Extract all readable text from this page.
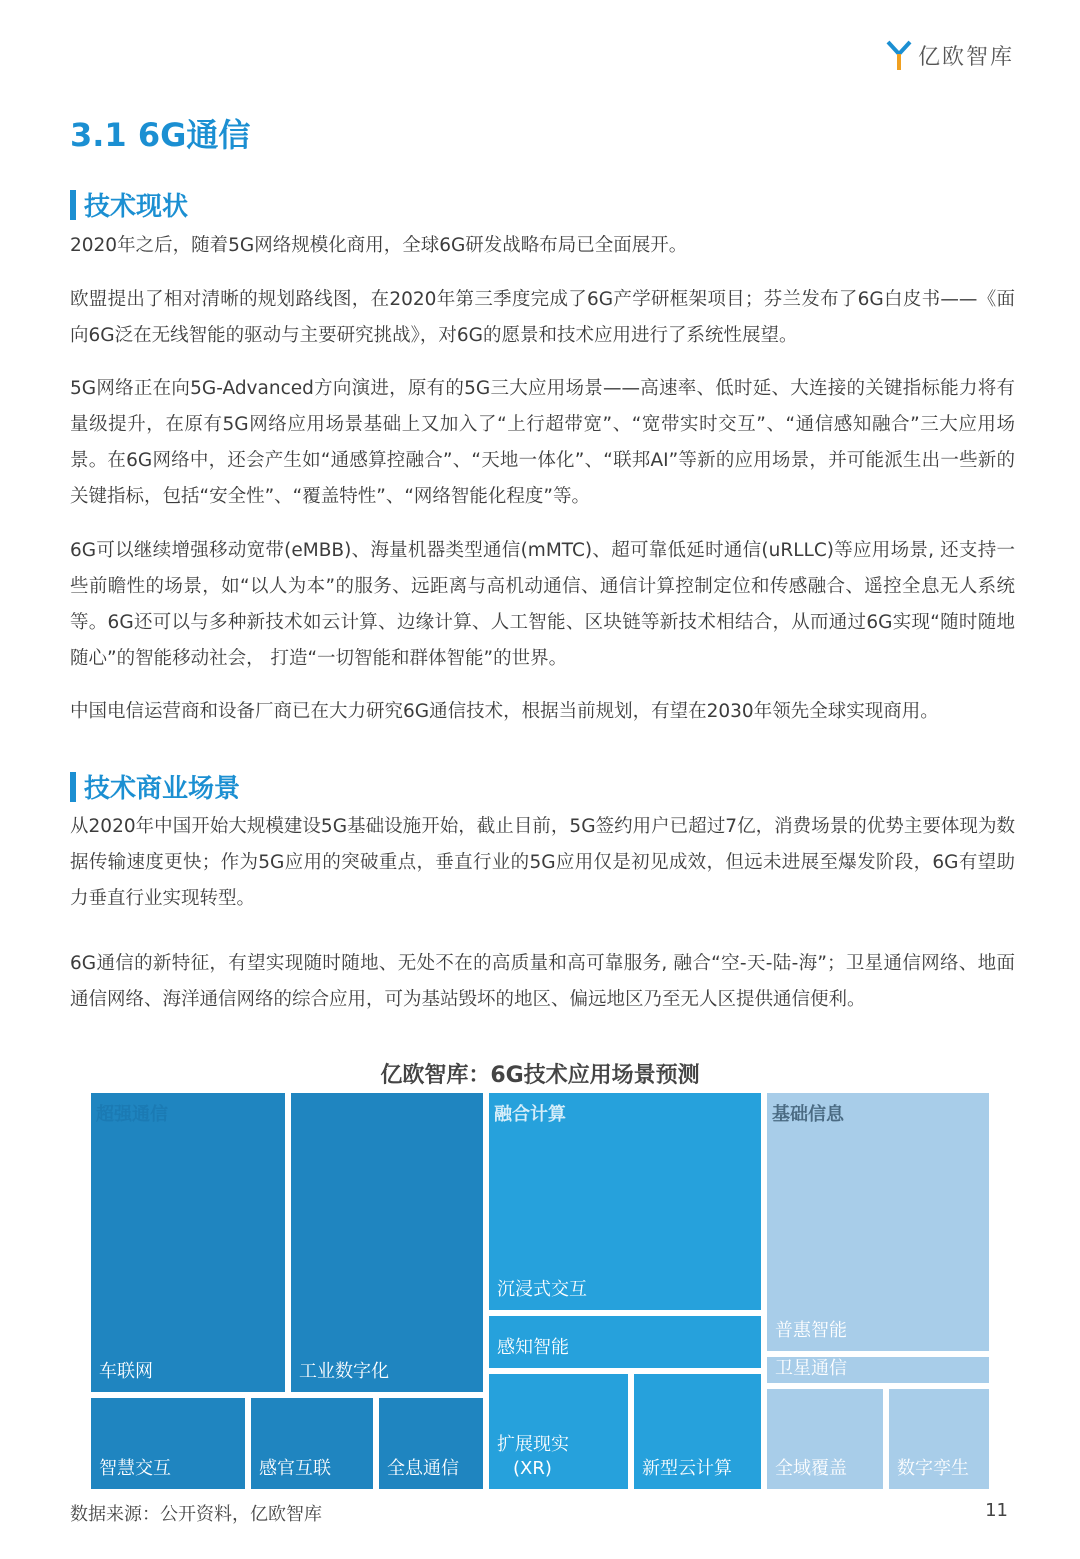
亿欧智库
3.1 6G通信
技术现状
2020年之后，随着5G网络规模化商用，全球6G研发战略布局已全面展开。
欧盟提出了相对清晰的规划路线图，在2020年第三季度完成了6G产学研框架项目；芬兰发布了6G白皮书——《面向6G泛在无线智能的驱动与主要研究挑战》，对6G的愿景和技术应用进行了系统性展望。
5G网络正在向5G-Advanced方向演进，原有的5G三大应用场景——高速率、低时延、大连接的关键指标能力将有量级提升，在原有5G网络应用场景基础上又加入了“上行超带宽”、“宽带实时交互”、“通信感知融合”三大应用场景。在6G网络中，还会产生如“通感算控融合”、“天地一体化”、“联邦AI”等新的应用场景，并可能派生出一些新的关键指标，包括“安全性”、“覆盖特性”、“网络智能化程度”等。
6G可以继续增强移动宽带(eMBB)、海量机器类型通信(mMTC)、超可靠低延时通信(uRLLC)等应用场景, 还支持一些前瞻性的场景，如“以人为本”的服务、远距离与高机动通信、通信计算控制定位和传感融合、遥控全息无人系统等。6G还可以与多种新技术如云计算、边缘计算、人工智能、区块链等新技术相结合，从而通过6G实现“随时随地随心”的智能移动社会， 打造“一切智能和群体智能”的世界。
中国电信运营商和设备厂商已在大力研究6G通信技术，根据当前规划，有望在2030年领先全球实现商用。
技术商业场景
从2020年中国开始大规模建设5G基础设施开始，截止目前，5G签约用户已超过7亿，消费场景的优势主要体现为数据传输速度更快；作为5G应用的突破重点，垂直行业的5G应用仅是初见成效，但远未进展至爆发阶段，6G有望助力垂直行业实现转型。
6G通信的新特征，有望实现随时随地、无处不在的高质量和高可靠服务, 融合“空-天-陆-海”；卫星通信网络、地面通信网络、海洋通信网络的综合应用，可为基站毁坏的地区、偏远地区乃至无人区提供通信便利。
亿欧智库：6G技术应用场景预测
车联网	工业数字化
智慧交互	感官互联	全息通信
超强通信
沉浸式交互
感知智能
扩展现实
(XR)	新型云计算
融合计算
普惠智能
卫星通信
全域覆盖	数字孪生
基础信息
数据来源：公开资料，亿欧智库	11
